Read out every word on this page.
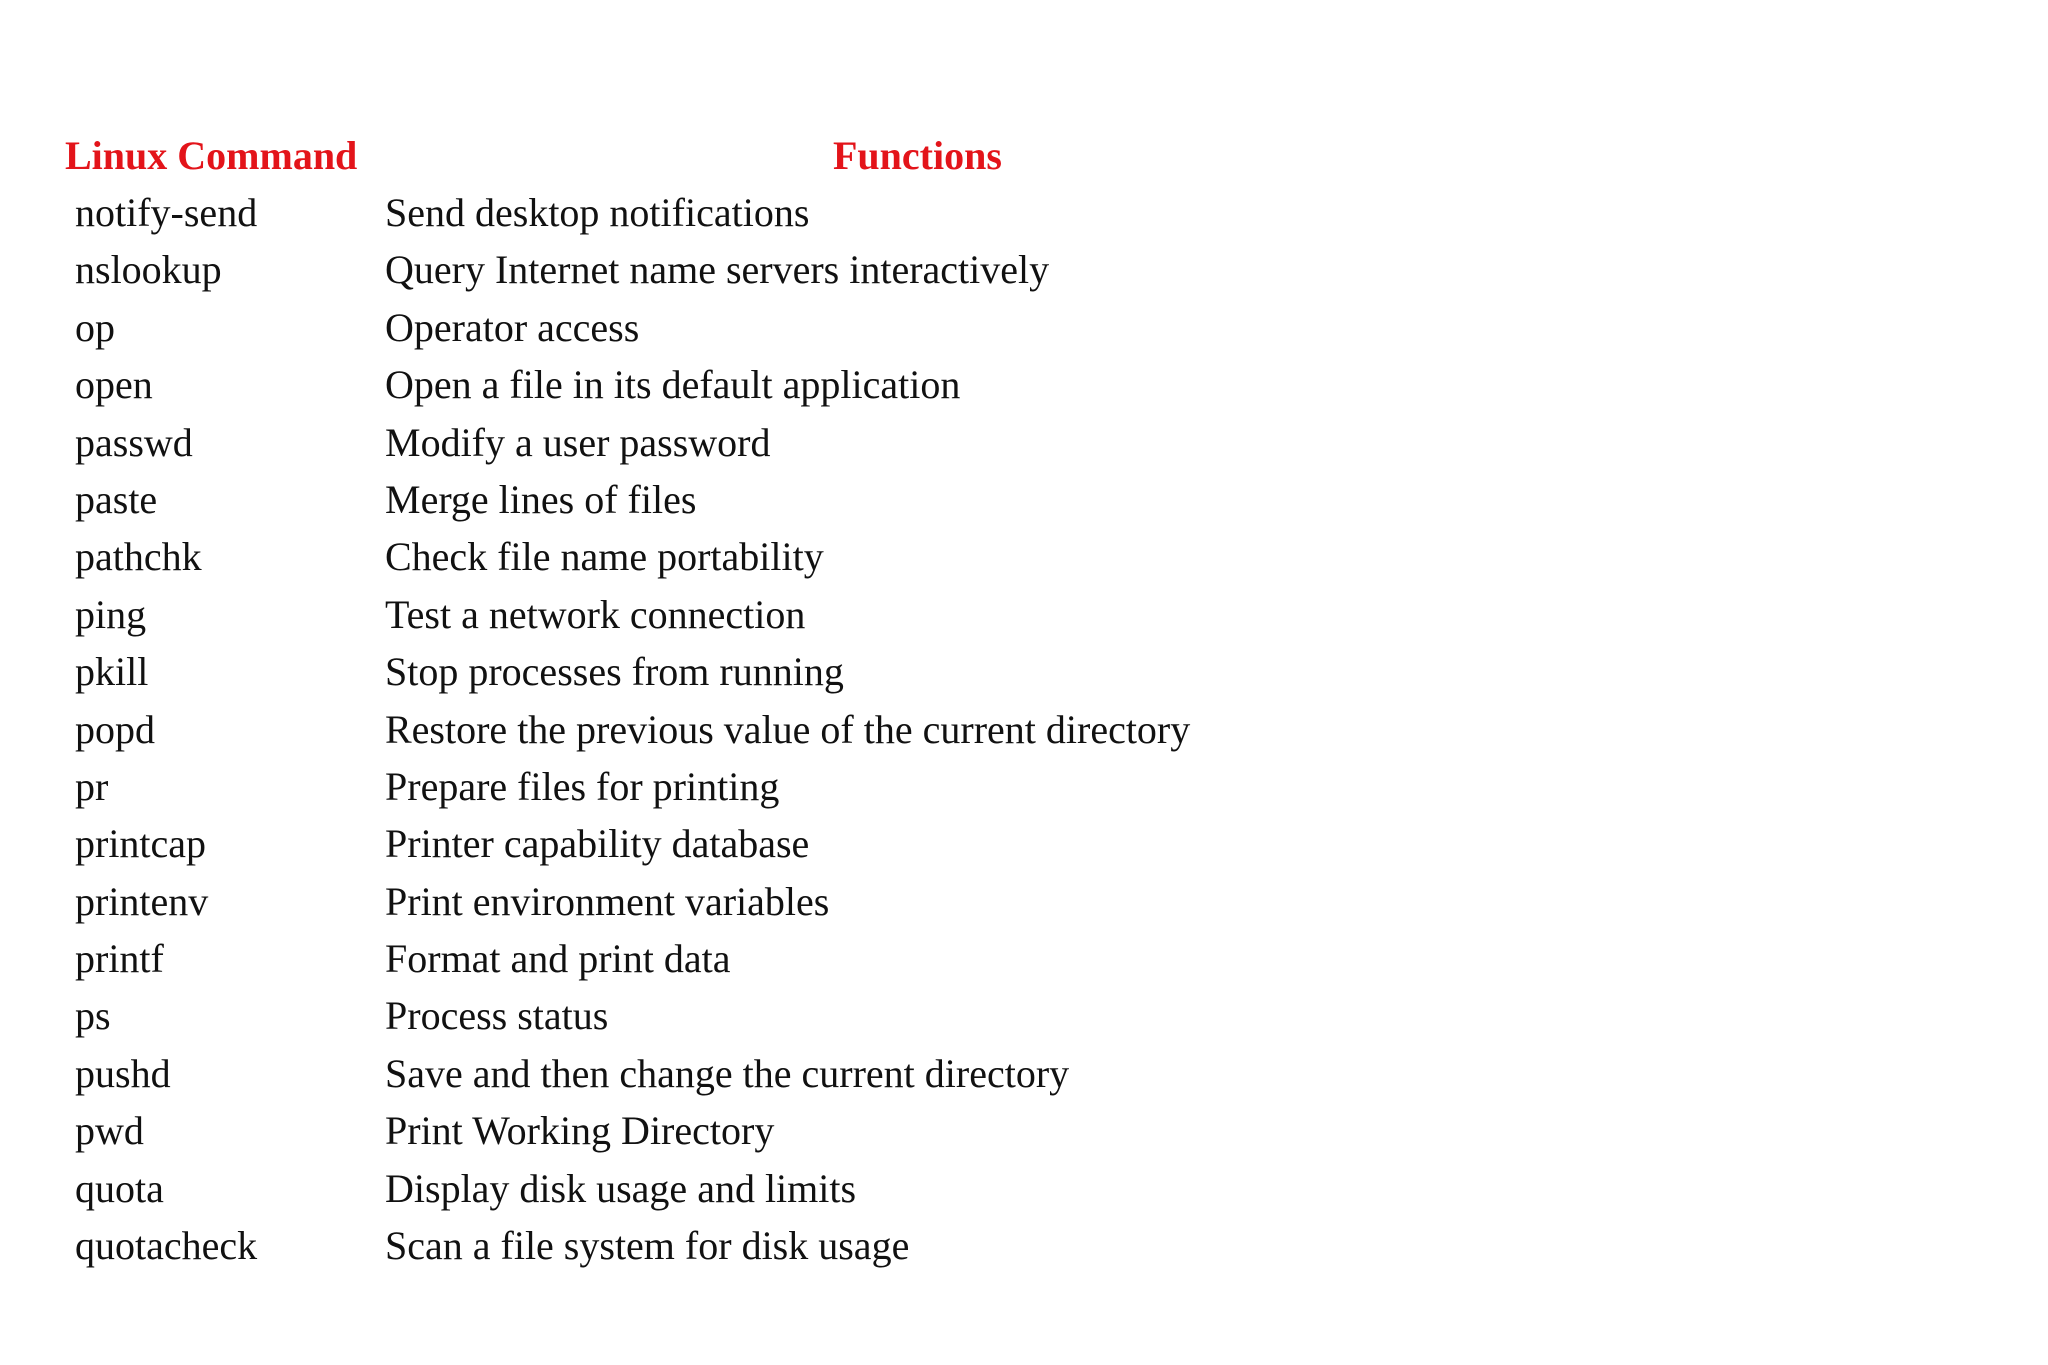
Linux Command	Functions
notify-send	Send desktop notifications
nslookup	Query Internet name servers interactively
op	Operator access
open	Open a file in its default application
passwd	Modify a user password
paste	Merge lines of files
pathchk	Check file name portability
ping	Test a network connection
pkill	Stop processes from running
popd	Restore the previous value of the current directory
pr	Prepare files for printing
printcap	Printer capability database
printenv	Print environment variables
printf	Format and print data
ps	Process status
pushd	Save and then change the current directory
pwd	Print Working Directory
quota	Display disk usage and limits
quotacheck	Scan a file system for disk usage
